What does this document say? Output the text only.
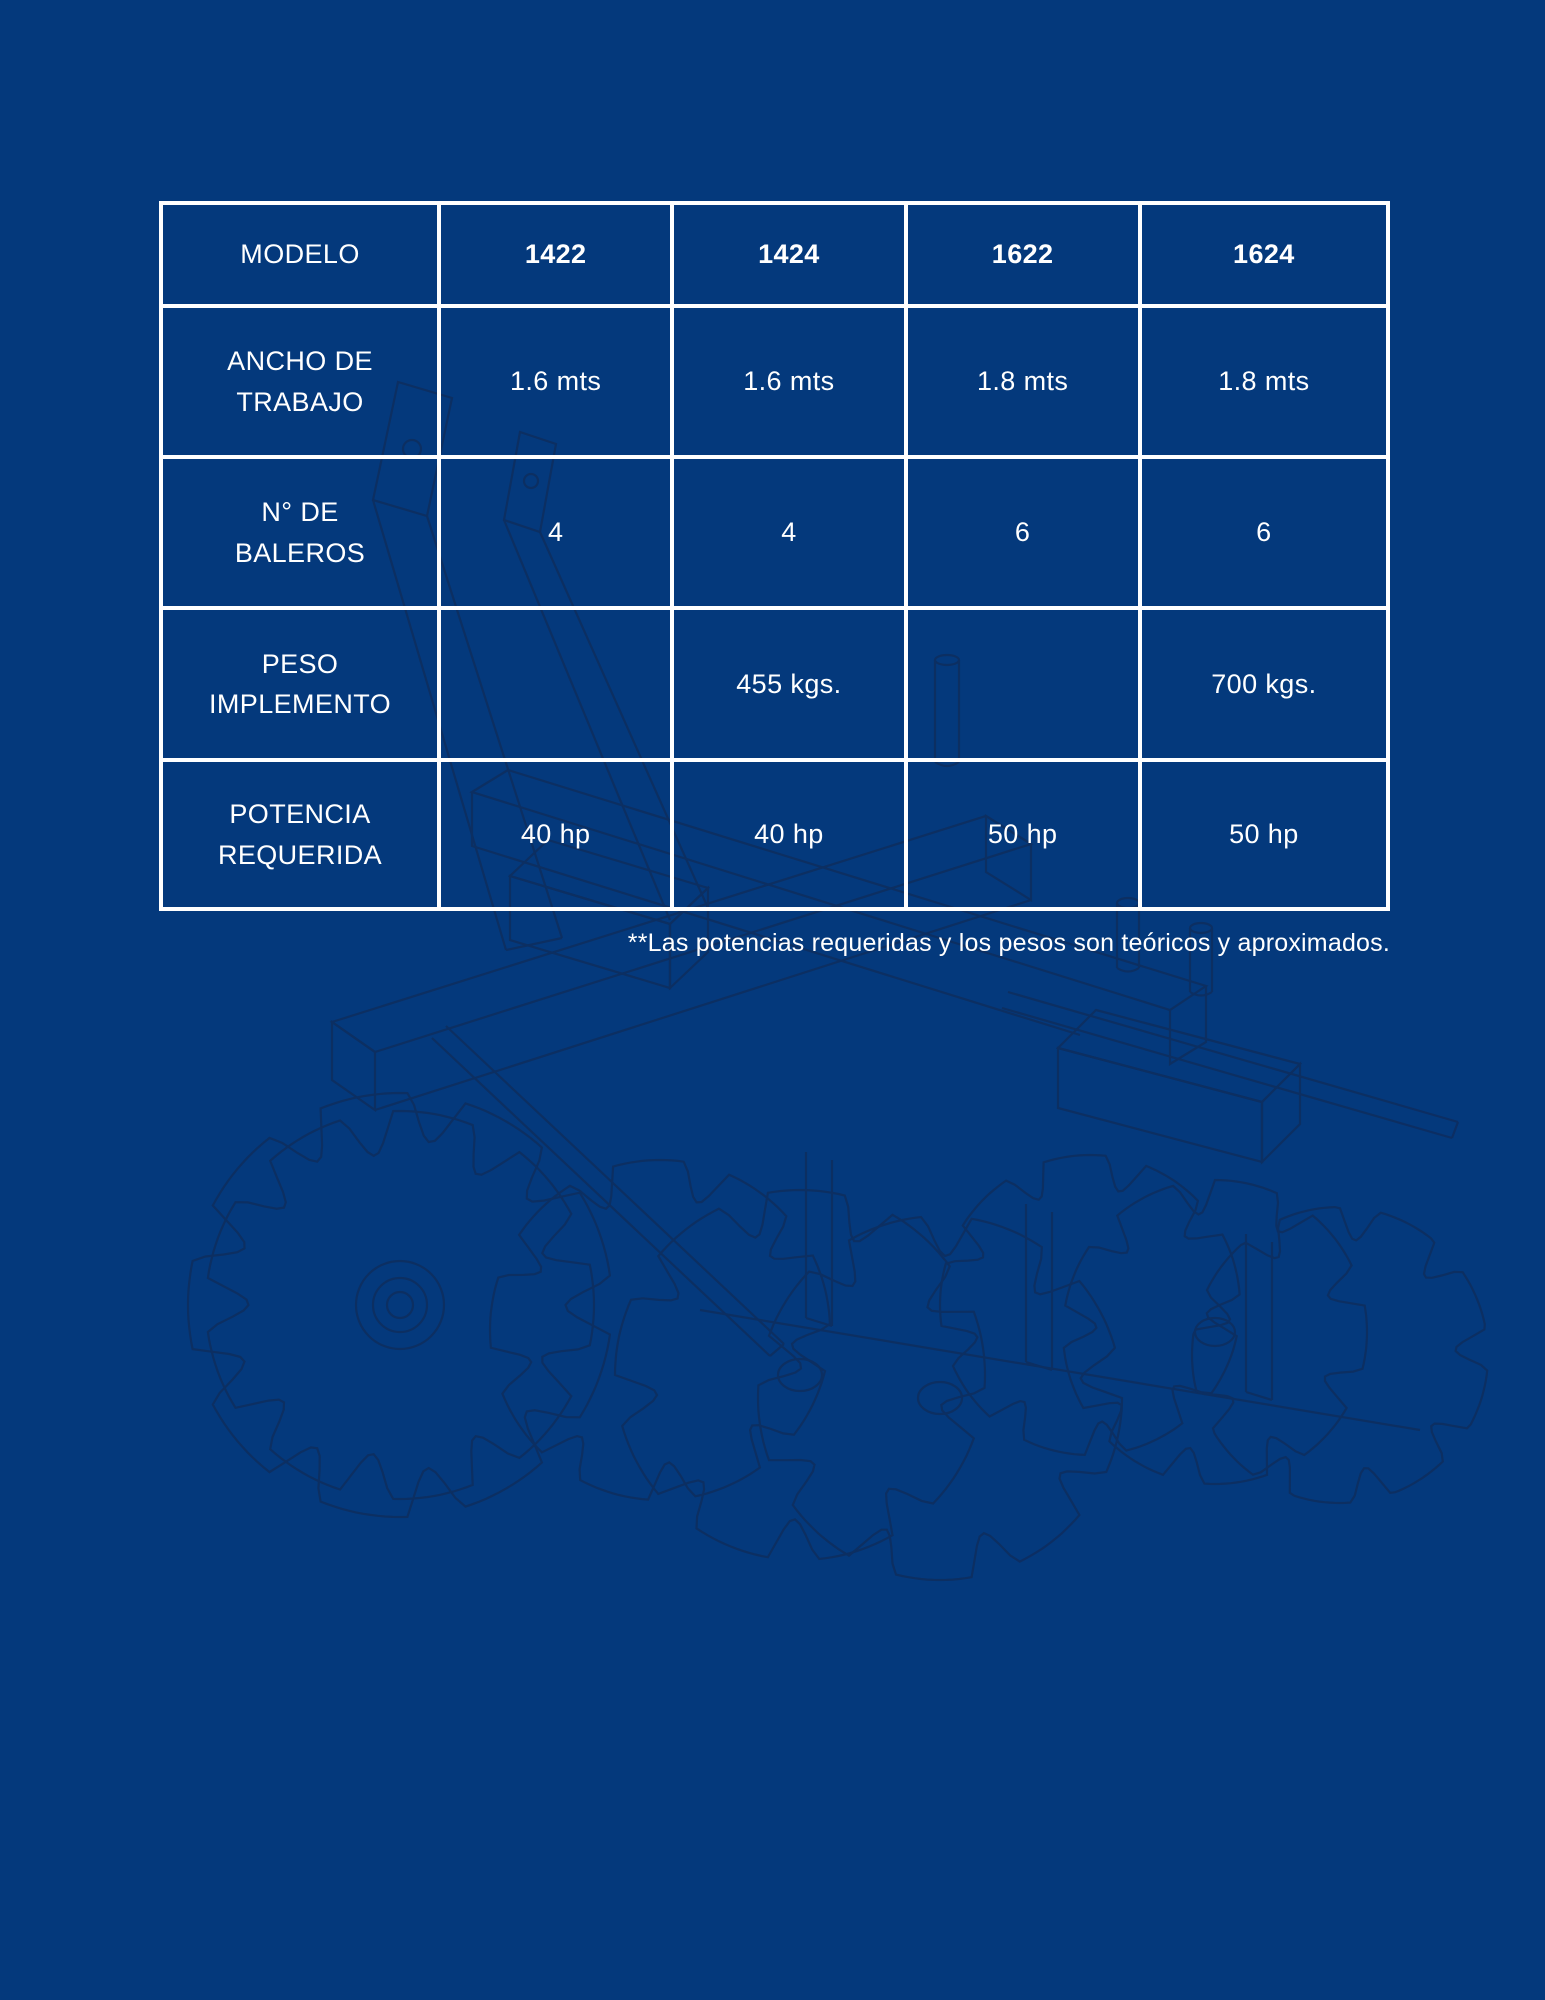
MODELO	1422	1424	1622	1624

ANCHO DE
TRABAJO	1.6 mts	1.6 mts	1.8 mts	1.8 mts

N° DE
BALEROS	4	4	6	6

PESO
IMPLEMENTO		455 kgs.		700 kgs.

POTENCIA
REQUERIDA	40 hp	40 hp	50 hp	50 hp
**Las potencias requeridas y los pesos son teóricos y aproximados.
